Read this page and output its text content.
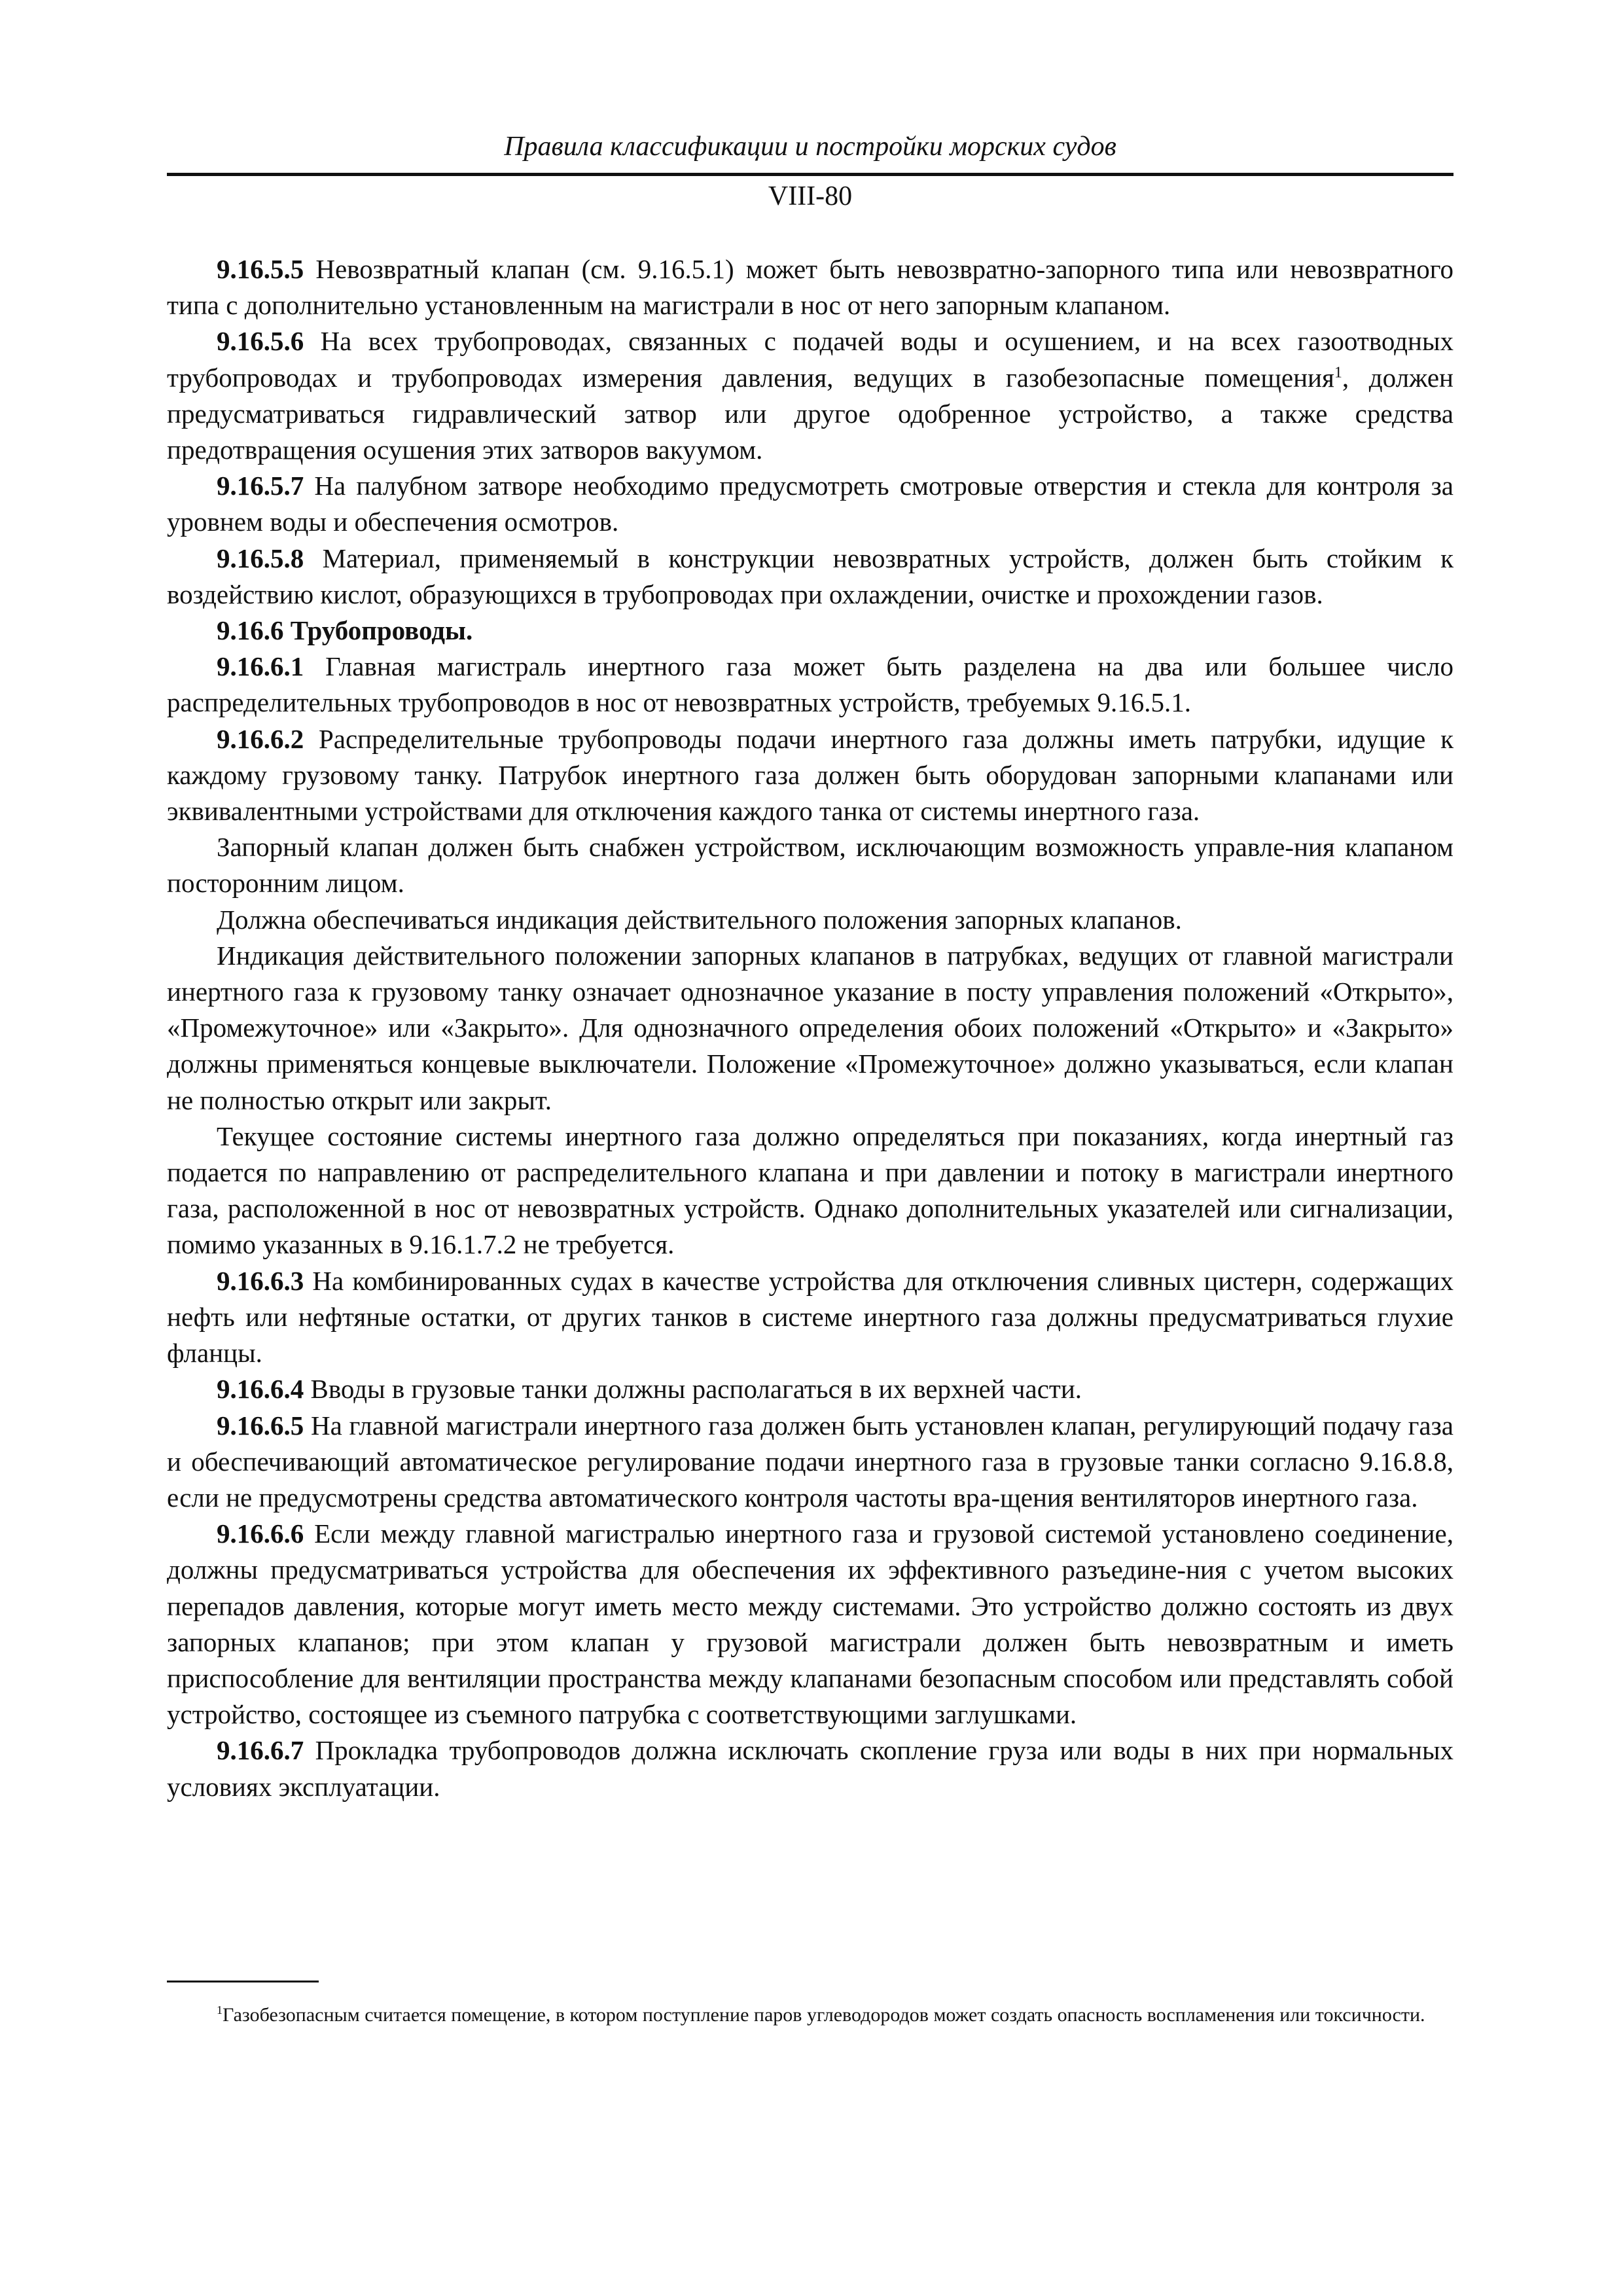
Правила классификации и постройки морских судов
VIII-80

9.16.5.5 Невозвратный клапан (см. 9.16.5.1) может быть невозвратно-запорного типа или невозвратного типа с дополнительно установленным на магистрали в нос от него запорным клапаном.

9.16.5.6 На всех трубопроводах, связанных с подачей воды и осушением, и на всех газоотводных трубопроводах и трубопроводах измерения давления, ведущих в газобезопасные помещения$^1$, должен предусматриваться гидравлический затвор или другое одобренное устройство, а также средства предотвращения осушения этих затворов вакуумом.

9.16.5.7 На палубном затворе необходимо предусмотреть смотровые отверстия и стекла для контроля за уровнем воды и обеспечения осмотров.

9.16.5.8 Материал, применяемый в конструкции невозвратных устройств, должен быть стойким к воздействию кислот, образующихся в трубопроводах при охлаждении, очистке и прохождении газов.

9.16.6 Трубопроводы.

9.16.6.1 Главная магистраль инертного газа может быть разделена на два или большее число распределительных трубопроводов в нос от невозвратных устройств, требуемых 9.16.5.1.

9.16.6.2 Распределительные трубопроводы подачи инертного газа должны иметь патрубки, идущие к каждому грузовому танку. Патрубок инертного газа должен быть оборудован запорными клапанами или эквивалентными устройствами для отключения каждого танка от системы инертного газа.

Запорный клапан должен быть снабжен устройством, исключающим возможность управле-ния клапаном посторонним лицом.

Должна обеспечиваться индикация действительного положения запорных клапанов.

Индикация действительного положении запорных клапанов в патрубках, ведущих от главной магистрали инертного газа к грузовому танку означает однозначное указание в посту управления положений «Открыто», «Промежуточное» или «Закрыто». Для однозначного определения обоих положений «Открыто» и «Закрыто» должны применяться концевые выключатели. Положение «Промежуточное» должно указываться, если клапан не полностью открыт или закрыт.

Текущее состояние системы инертного газа должно определяться при показаниях, когда инертный газ подается по направлению от распределительного клапана и при давлении и потоку в магистрали инертного газа, расположенной в нос от невозвратных устройств. Однако дополнительных указателей или сигнализации, помимо указанных в 9.16.1.7.2 не требуется.

9.16.6.3 На комбинированных судах в качестве устройства для отключения сливных цистерн, содержащих нефть или нефтяные остатки, от других танков в системе инертного газа должны предусматриваться глухие фланцы.

9.16.6.4 Вводы в грузовые танки должны располагаться в их верхней части.

9.16.6.5 На главной магистрали инертного газа должен быть установлен клапан, регулирующий подачу газа и обеспечивающий автоматическое регулирование подачи инертного газа в грузовые танки согласно 9.16.8.8, если не предусмотрены средства автоматического контроля частоты вра-щения вентиляторов инертного газа.

9.16.6.6 Если между главной магистралью инертного газа и грузовой системой установлено соединение, должны предусматриваться устройства для обеспечения их эффективного разъедине-ния с учетом высоких перепадов давления, которые могут иметь место между системами. Это устройство должно состоять из двух запорных клапанов; при этом клапан у грузовой магистрали должен быть невозвратным и иметь приспособление для вентиляции пространства между клапанами безопасным способом или представлять собой устройство, состоящее из съемного патрубка с соответствующими заглушками.

9.16.6.7 Прокладка трубопроводов должна исключать скопление груза или воды в них при нормальных условиях эксплуатации.

$^1$Газобезопасным считается помещение, в котором поступление паров углеводородов может создать опасность воспламенения или токсичности.
